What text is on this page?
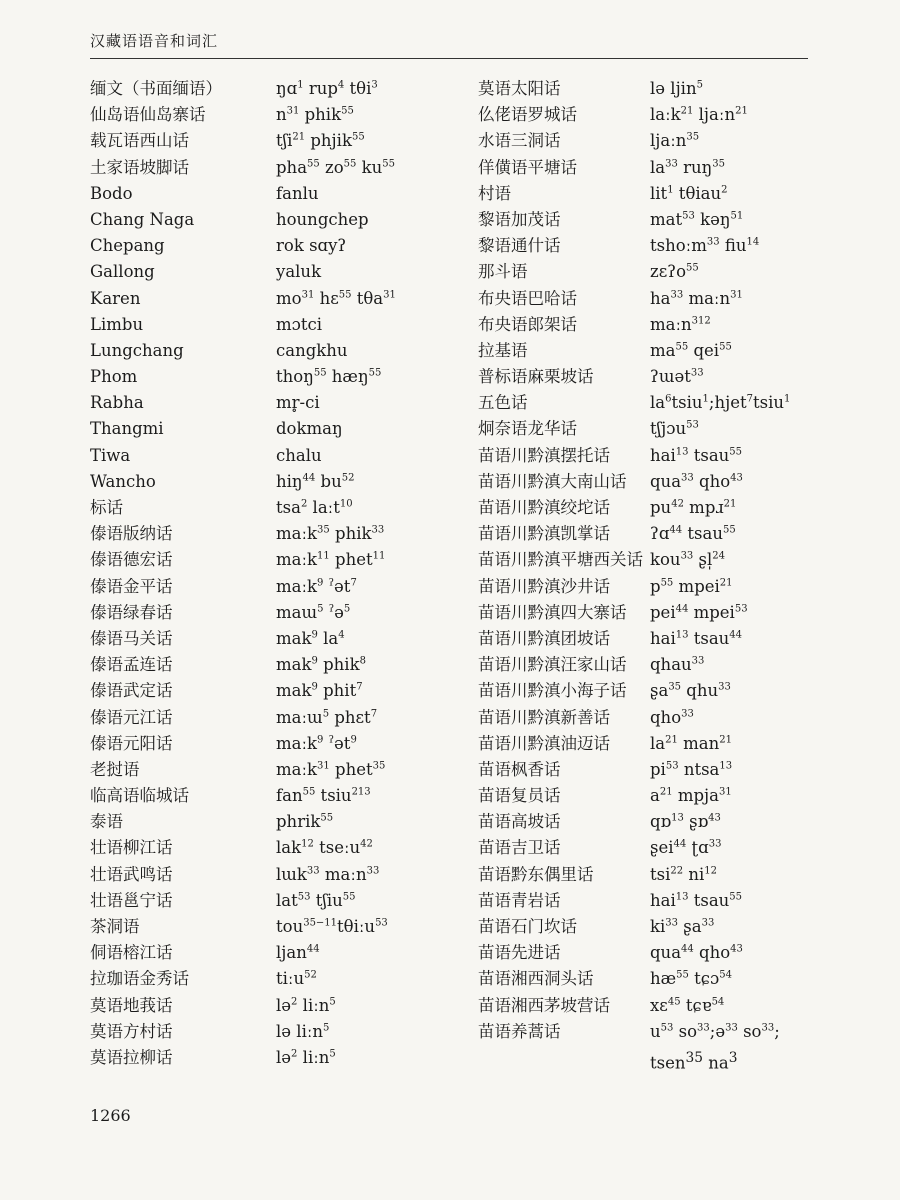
汉藏语语音和词汇
缅文（书面缅语）	ŋɑ$^1$ rup$^4$ tθi$^3$
仙岛语仙岛寨话	$n^{31}$ phik$^{55}$
载瓦语西山话	tʃi$^{21}$ phjik$^{55}$
土家语坡脚话	pha$^{55}$ $zo^{55}$ $ku^{55}$
Bodo	fanlu
Chang Naga	houngchep
Chepang	rok sɑyʔ
Gallong	yaluk
Karen	$mo^{31}$ hɛ$^{55}$ tθa$^{31}$
Limbu	mɔtci
Lungchang	cangkhu
Phom	thoŋ$^{55}$ hæŋ$^{55}$
Rabha	mr̥-ci
Thangmi	dokmaŋ
Tiwa	chalu
Wancho	hiŋ$^{44}$ $bu^{52}$
标话	tsa$^2$ laːt$^{10}$
傣语版纳话	maːk$^{35}$ phik$^{33}$
傣语德宏话	maːk$^{11}$ phet$^{11}$
傣语金平话	maːk$^9$ $^ʔ$ət$^7$
傣语绿春话	maɯ$^5$ $^ʔ$ə$^5$
傣语马关话	mak$^9$ $la^4$
傣语孟连话	mak$^9$ phik$^8$
傣语武定话	mak$^9$ phit$^7$
傣语元江话	maːɯ$^5$ phɛt$^7$
傣语元阳话	maːk$^9$ $^ʔ$ət$^9$
老挝语	maːk$^{31}$ phet$^{35}$
临高语临城话	fan$^{55}$ tsiu$^{213}$
泰语	phrik$^{55}$
壮语柳江话	lak$^{12}$ tseːu$^{42}$
壮语武鸣话	lɯk$^{33}$ maːn$^{33}$
壮语邕宁话	lat$^{53}$ tʃiu$^{55}$
茶洞语	tou$^{35-11}$tθiːu$^{53}$
侗语榕江话	ljan$^{44}$
拉珈语金秀话	tiːu$^{52}$
莫语地莪话	lə$^2$ liːn$^5$
莫语方村话	lə liːn$^5$
莫语拉柳话	lə$^2$ liːn$^5$
莫语太阳话	lə ljin$^5$
仫佬语罗城话	laːk$^{21}$ ljaːn$^{21}$
水语三洞话	ljaːn$^{35}$
佯僙语平塘话	$la^{33}$ ruŋ$^{35}$
村语	lit$^1$ tθiau$^2$
黎语加茂话	mat$^{53}$ kəŋ$^{51}$
黎语通什话	tshoːm$^{33}$ fiu$^{14}$
那斗语	zɛʔo$^{55}$
布央语巴哈话	$ha^{33}$ maːn$^{31}$
布央语郎架话	maːn$^{312}$
拉基语	$ma^{55}$ qei$^{55}$
普标语麻栗坡话	ʔɯət$^{33}$
五色话	$la^6tsiu^1;hjet^7tsiu^1$
炯奈语龙华话	tʃjɔu$^{53}$
苗语川黔滇摆托话	hai$^{13}$ tsau$^{55}$
苗语川黔滇大南山话	qua$^{33}$ qho$^{43}$
苗语川黔滇绞坨话	$pu^{42}$ mpɹ$^{21}$
苗语川黔滇凯掌话	ʔɑ$^{44}$ tsau$^{55}$
苗语川黔滇平塘西关话 kou$^{33}$ ʂl̩$^{24}$
苗语川黔滇沙井话	$p^{55}$ mpei$^{21}$
苗语川黔滇四大寨话	pei$^{44}$ mpei$^{53}$
苗语川黔滇团坡话	hai$^{13}$ tsau$^{44}$
苗语川黔滇汪家山话	qhau$^{33}$
苗语川黔滇小海子话	ʂa$^{35}$ qhu$^{33}$
苗语川黔滇新善话	qho$^{33}$
苗语川黔滇油迈话	$la^{21}$ man$^{21}$
苗语枫香话	$pi^{53}$ ntsa$^{13}$
苗语复员话	$a^{21}$ mpja$^{31}$
苗语高坡话	qɒ$^{13}$ ʂɒ$^{43}$
苗语吉卫话	ʂei$^{44}$ ʈɑ$^{33}$
苗语黔东偶里话	tsi$^{22}$ $ni^{12}$
苗语青岩话	hai$^{13}$ tsau$^{55}$
苗语石门坎话	$ki^{33}$ ʂa$^{33}$
苗语先进话	qua$^{44}$ qho$^{43}$
苗语湘西洞头话	$hæ^{55}$ tɕɔ$^{54}$
苗语湘西茅坡营话	xɛ$^{45}$ tɕɐ$^{54}$
苗语养蒿话	$u^{53}$ $so^{33};ə^{33}$ $so^{33}$;
tsen$^{35}$ $na^3$
1266
